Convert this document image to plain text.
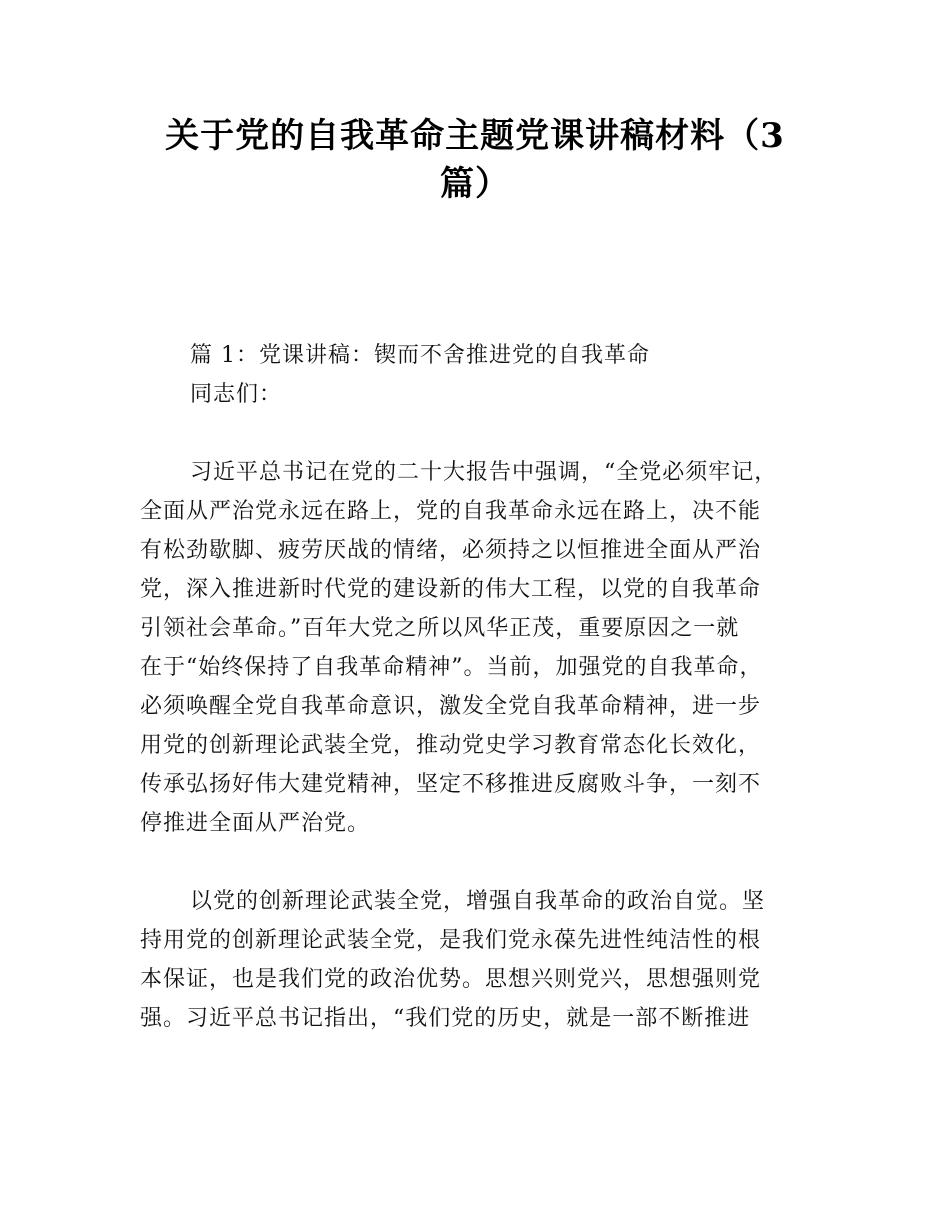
关于党的自我革命主题党课讲稿材料（3
篇）
篇 1：党课讲稿：锲而不舍推进党的自我革命
同志们：
习近平总书记在党的二十大报告中强调，“全党必须牢记，
全面从严治党永远在路上，党的自我革命永远在路上，决不能
有松劲歇脚、疲劳厌战的情绪，必须持之以恒推进全面从严治
党，深入推进新时代党的建设新的伟大工程，以党的自我革命
引领社会革命。”百年大党之所以风华正茂，重要原因之一就
在于“始终保持了自我革命精神”。当前，加强党的自我革命，
必须唤醒全党自我革命意识，激发全党自我革命精神，进一步
用党的创新理论武装全党，推动党史学习教育常态化长效化，
传承弘扬好伟大建党精神，坚定不移推进反腐败斗争，一刻不
停推进全面从严治党。
以党的创新理论武装全党，增强自我革命的政治自觉。坚
持用党的创新理论武装全党，是我们党永葆先进性纯洁性的根
本保证，也是我们党的政治优势。思想兴则党兴，思想强则党
强。习近平总书记指出，“我们党的历史，就是一部不断推进
